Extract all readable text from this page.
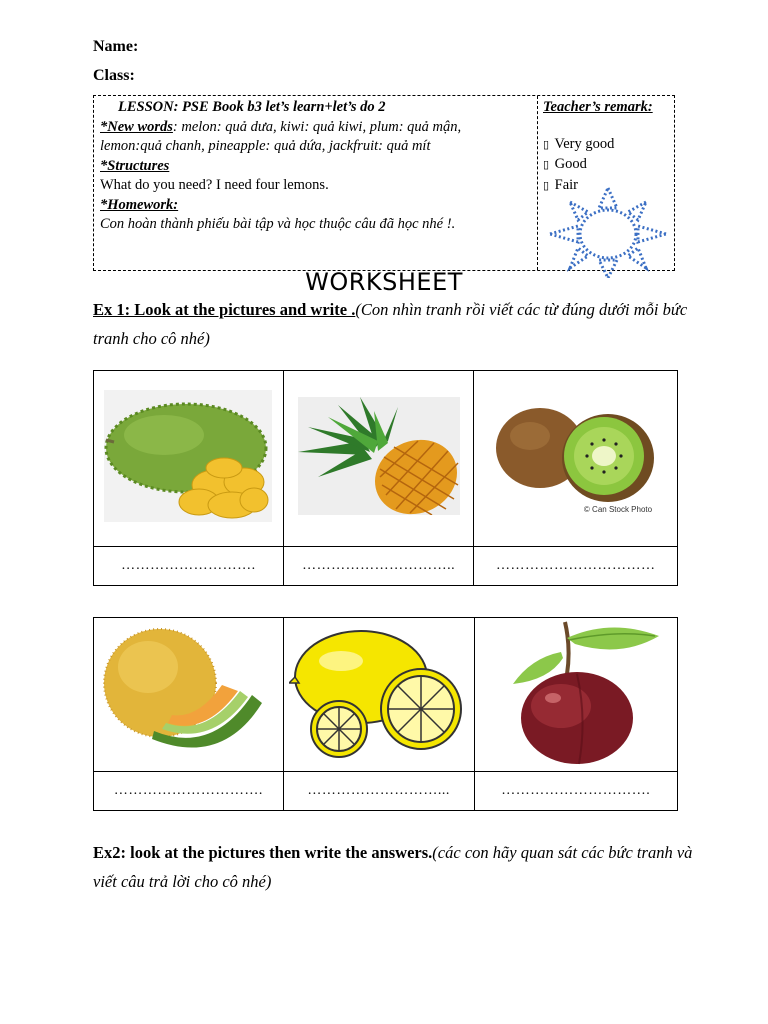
Name:
Class:
LESSON: PSE Book b3 let’s learn+let’s do 2
*New words: melon: quả dưa, kiwi: quả kiwi, plum: quả mận,
lemon:quả chanh, pineapple: quả dứa, jackfruit: quả mít
*Structures
What do you need? I need four lemons.
*Homework:
Con hoàn thành phiếu bài tập và học thuộc câu đã học nhé !.
Teacher’s remark:
▯ Very good
▯ Good
▯ Fair
WORKSHEET
Ex 1: Look at the pictures and write .(Con nhìn tranh rồi viết các từ đúng dưới mỗi bức tranh cho cô nhé)

© Can Stock Photo

……………………….	…………………………..	……………………………

………………………….	………………………...	………………………….
Ex2: look at the pictures then write the answers.(các con hãy quan sát các bức tranh và viết câu trả lời cho cô nhé)
